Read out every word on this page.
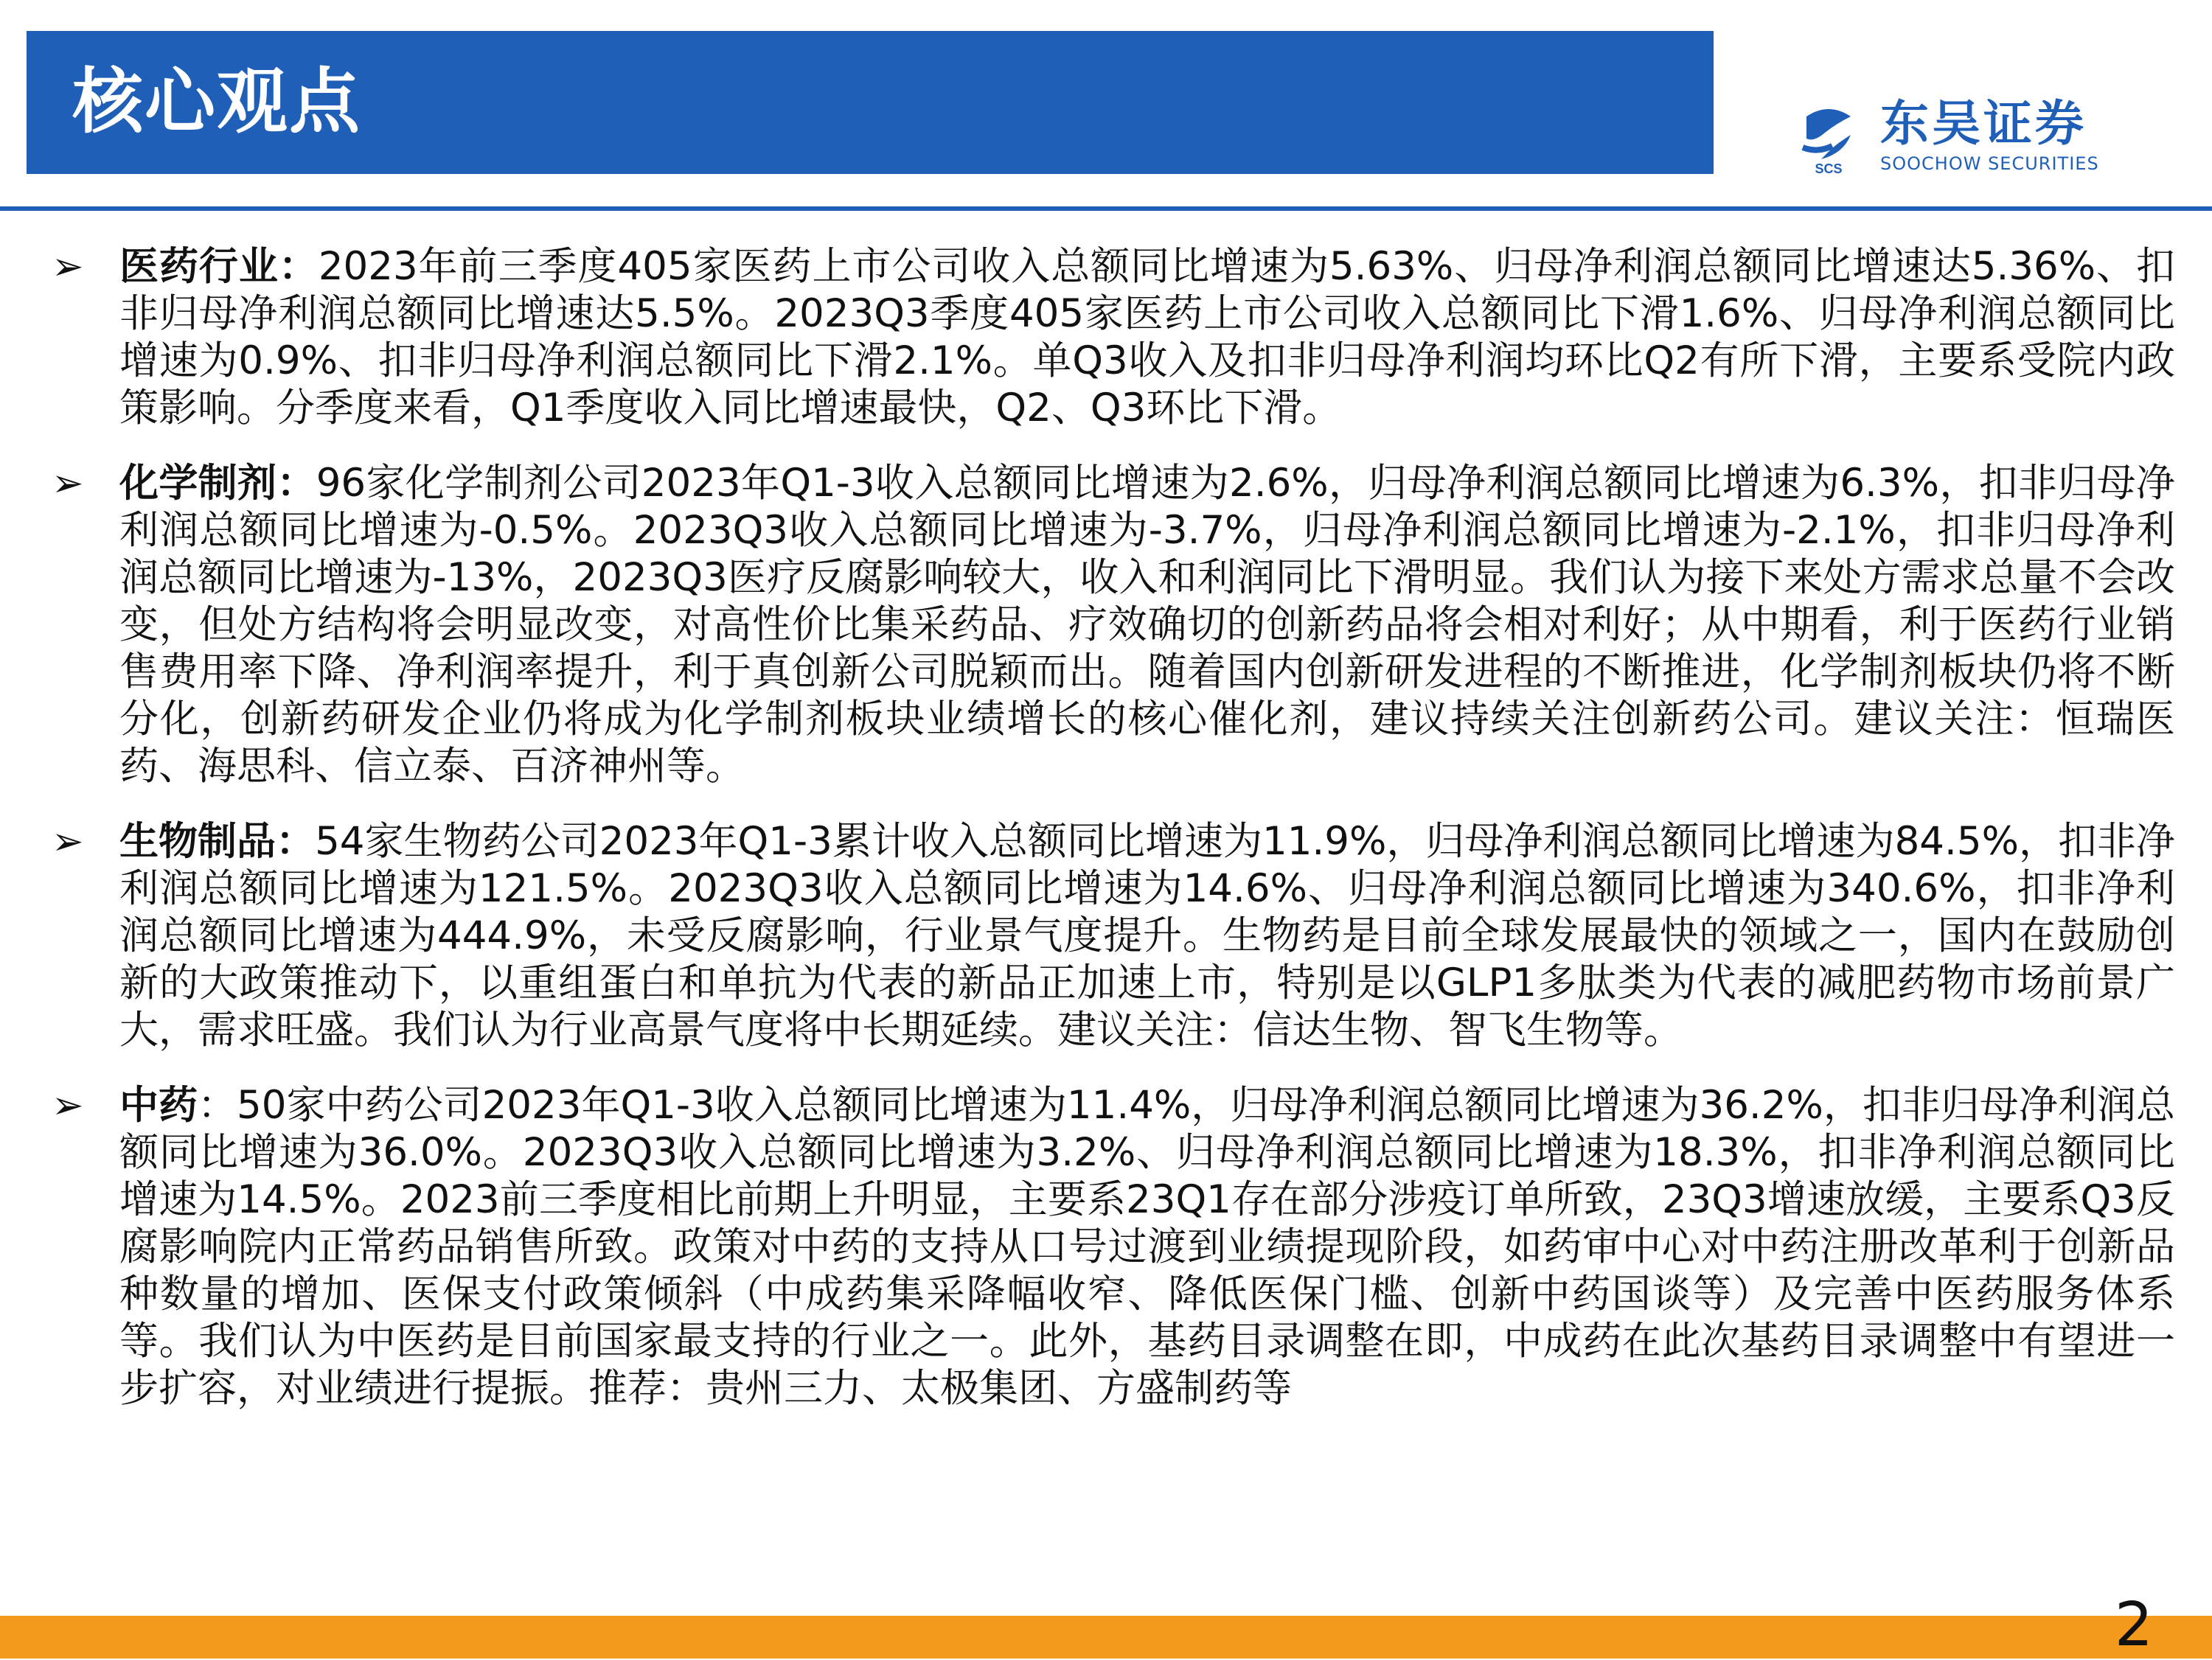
核心观点
SCS
东吴证券
SOOCHOW SECURITIES
➢ 医药行业：2023年前三季度405家医药上市公司收入总额同比增速为5.63%、归母净利润总额同比增速达5.36%、扣非归母净利润总额同比增速达5.5%。2023Q3季度405家医药上市公司收入总额同比下滑1.6%、归母净利润总额同比增速为0.9%、扣非归母净利润总额同比下滑2.1%。单Q3收入及扣非归母净利润均环比Q2有所下滑，主要系受院内政策影响。分季度来看，Q1季度收入同比增速最快，Q2、Q3环比下滑。

➢ 化学制剂：96家化学制剂公司2023年Q1-3收入总额同比增速为2.6%，归母净利润总额同比增速为6.3%，扣非归母净利润总额同比增速为-0.5%。2023Q3收入总额同比增速为-3.7%，归母净利润总额同比增速为-2.1%，扣非归母净利润总额同比增速为-13%，2023Q3医疗反腐影响较大，收入和利润同比下滑明显。我们认为接下来处方需求总量不会改变，但处方结构将会明显改变，对高性价比集采药品、疗效确切的创新药品将会相对利好；从中期看，利于医药行业销售费用率下降、净利润率提升，利于真创新公司脱颖而出。随着国内创新研发进程的不断推进，化学制剂板块仍将不断分化，创新药研发企业仍将成为化学制剂板块业绩增长的核心催化剂，建议持续关注创新药公司。建议关注：恒瑞医药、海思科、信立泰、百济神州等。

➢ 生物制品：54家生物药公司2023年Q1-3累计收入总额同比增速为11.9%，归母净利润总额同比增速为84.5%，扣非净利润总额同比增速为121.5%。2023Q3收入总额同比增速为14.6%、归母净利润总额同比增速为340.6%，扣非净利润总额同比增速为444.9%，未受反腐影响，行业景气度提升。生物药是目前全球发展最快的领域之一，国内在鼓励创新的大政策推动下，以重组蛋白和单抗为代表的新品正加速上市，特别是以GLP1多肽类为代表的减肥药物市场前景广大，需求旺盛。我们认为行业高景气度将中长期延续。建议关注：信达生物、智飞生物等。

➢ 中药：50家中药公司2023年Q1-3收入总额同比增速为11.4%，归母净利润总额同比增速为36.2%，扣非归母净利润总额同比增速为36.0%。2023Q3收入总额同比增速为3.2%、归母净利润总额同比增速为18.3%，扣非净利润总额同比增速为14.5%。2023前三季度相比前期上升明显，主要系23Q1存在部分涉疫订单所致，23Q3增速放缓，主要系Q3反腐影响院内正常药品销售所致。政策对中药的支持从口号过渡到业绩提现阶段，如药审中心对中药注册改革利于创新品种数量的增加、医保支付政策倾斜（中成药集采降幅收窄、降低医保门槛、创新中药国谈等）及完善中医药服务体系等。我们认为中医药是目前国家最支持的行业之一。此外，基药目录调整在即，中成药在此次基药目录调整中有望进一步扩容，对业绩进行提振。推荐：贵州三力、太极集团、方盛制药等

2
